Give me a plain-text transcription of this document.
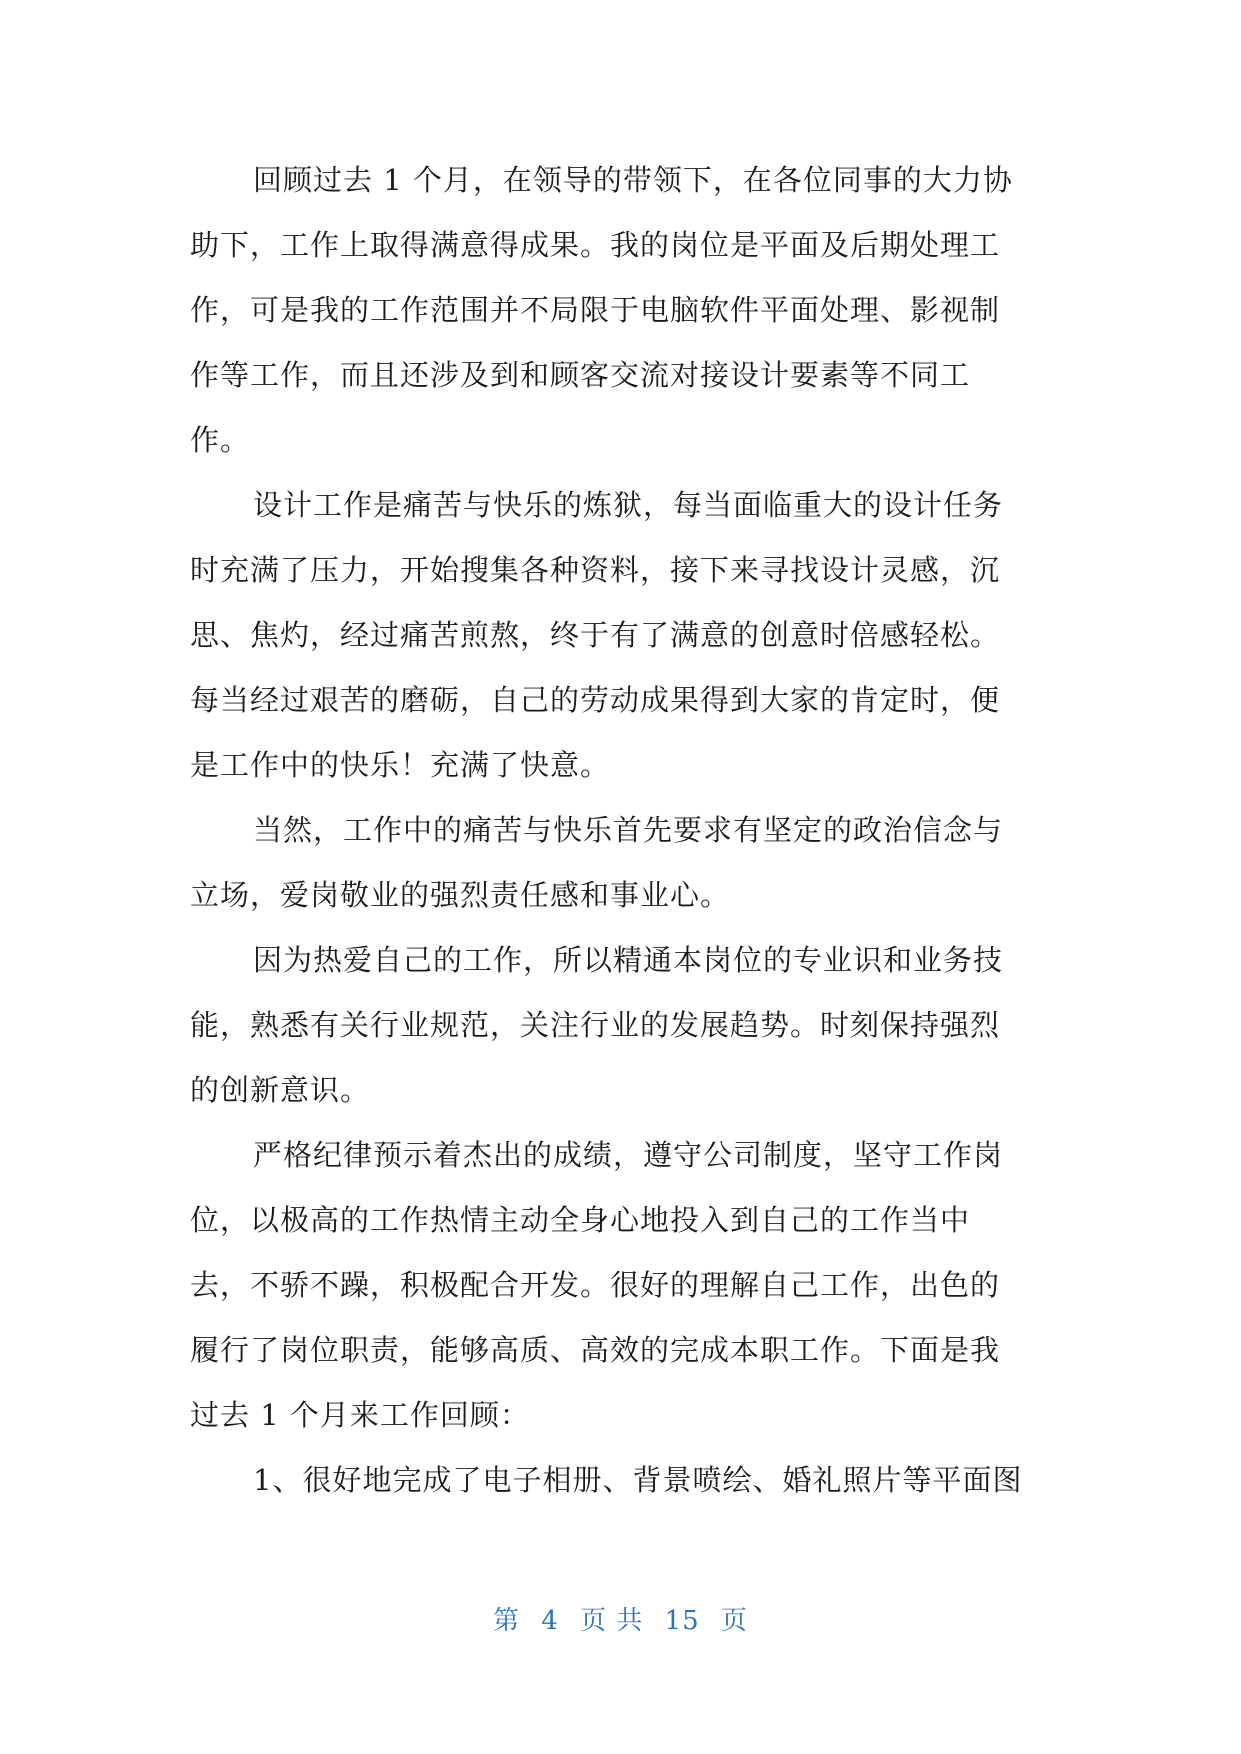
回顾过去 1 个月，在领导的带领下，在各位同事的大力协
助下，工作上取得满意得成果。我的岗位是平面及后期处理工
作，可是我的工作范围并不局限于电脑软件平面处理、影视制
作等工作，而且还涉及到和顾客交流对接设计要素等不同工
作。
设计工作是痛苦与快乐的炼狱，每当面临重大的设计任务
时充满了压力，开始搜集各种资料，接下来寻找设计灵感，沉
思、焦灼，经过痛苦煎熬，终于有了满意的创意时倍感轻松。
每当经过艰苦的磨砺，自己的劳动成果得到大家的肯定时，便
是工作中的快乐！充满了快意。
当然，工作中的痛苦与快乐首先要求有坚定的政治信念与
立场，爱岗敬业的强烈责任感和事业心。
因为热爱自己的工作，所以精通本岗位的专业识和业务技
能，熟悉有关行业规范，关注行业的发展趋势。时刻保持强烈
的创新意识。
严格纪律预示着杰出的成绩，遵守公司制度，坚守工作岗
位，以极高的工作热情主动全身心地投入到自己的工作当中
去，不骄不躁，积极配合开发。很好的理解自己工作，出色的
履行了岗位职责，能够高质、高效的完成本职工作。下面是我
过去 1 个月来工作回顾：
1、很好地完成了电子相册、背景喷绘、婚礼照片等平面图
第 4 页 共 15 页
